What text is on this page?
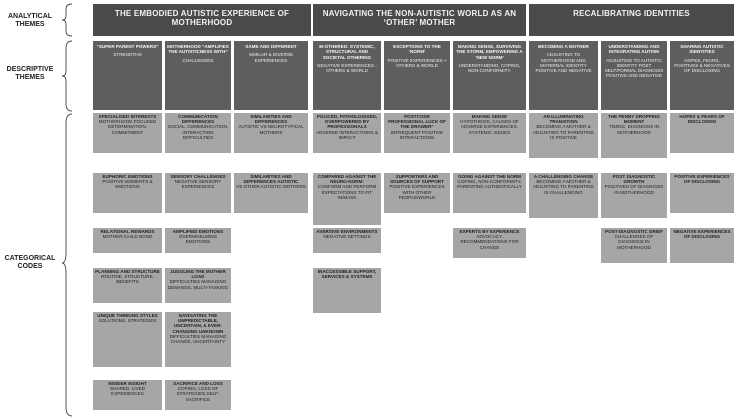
ANALYTICAL THEMES
DESCRIPTIVE THEMES
CATEGORICAL CODES
THE EMBODIED AUTISTIC EXPERIENCE OF MOTHERHOOD
NAVIGATING THE NON-AUTISTIC WORLD AS AN ‘OTHER’ MOTHER
RECALIBRATING IDENTITIES
“SUPER PARENT POWERS”
STRENGTHS
MOTHERHOOD “AMPLIFIES THE AUTISTICNESS WITH”
CHALLENGES
SAME AND DIFFERENT
SIMILAR & DIVERSE EXPERIENCES
M-OTHERED: SYSTEMIC, STRUCTURAL AND SOCIETAL OTHERING
NEGATIVE EXPERIENCES - OTHERS & WORLD
EXCEPTIONS TO THE ‘NORM’
POSITIVE EXPERIENCES + OTHERS & WORLD
MAKING SENSE, SURVIVING THE STORM, EMPOWERING A ‘NEW NORM’
UNDERSTANDING, COPING, NON-CONFORMITY,
BECOMING A MOTHER
ADJUSTING TO MOTHERHOOD AND MATERNAL IDENTITY POSITIVE AND NEGATIVE
UNDERSTANDING AND INTEGRATING AUTISM
ADJUSTING TO AUTISTIC IDENTITY POST SELF/FORMAL DIAGNOSIS POSITIVE AND NEGATIVE
SHARING AUTISTIC IDENTITIES
HOPES, FEARS, POSITIVES & NEGATIVES OF DISCLOSING
SPECIALISED INTERESTS
MOTHERHOOD FOCUSED DETERMINATION, COMMITMENT
EUPHORIC EMOTIONS
POSITIVE MOMENTS & EMOTIONS
RELATIONAL REWARDS
MOTHER-CHILD BOND
PLANNING AND STRUCTURE
ROUTINE, STRUCTURE, BENEFITS
UNIQUE THINKING STYLES
SOLUTIONS, STRATEGIES
INSIDER INSIGHT
SHARED, LIVED EXPERIENCES
COMMUNICATION DIFFERENCES
SOCIAL, COMMUNICATION, INTERACTION DIFFICULTIES
SENSORY CHALLENGES
NEGATIVE SENSORY EXPERIENCES
AMPLIFIED EMOTIONS
OVERWHELMING EMOTIONS
JUGGLING THE MOTHER LOAD
DIFFICULTIES MANAGING DEMANDS, MULTI-TASKING
NAVIGATING THE UNPREDICTABLE, UNCERTAIN, & EVER-CHANGING UNKNOWN
DIFFICULTIES MANAGING CHANGE, UNCERTAINTY
SACRIFICE AND LOSS
COPING, LOSS OF STRATEGIES,SELF-SACRIFICE
SIMILARITIES AND DIFFERENCES
AUTISTIC VS NEUROTYPICAL MOTHERS
SIMILARITIES AND DIFFERENCES AUTISTIC
VS OTHER AUTISTIC MOTHERS
POLICED, PATHOLOGISED, OVERPOWERED BY PROFESSIONALS
ADVERSE INTERACTIONS & IMPACT
COMPARED AGAINST THE NEURO-NORM:
CONFORM AND PERFORM EXPECTATIONS TO FIT IN/MASK
AVERSIVE ENVIRONMENTS
NEGATIVE SETTINGS
INACCESSIBLE SUPPORT, SERVICES & SYSTEMS
POSTCODE PROFESSIONAL LUCK OF THE DRAWER”
INFREQUENT POSITIVE INTERACTIONS
SUPPORTERS AND SOURCES OF SUPPORT
POSITIVE EXPERIENCES WITH OTHER PEOPLE/WORLD
MAKING SENSE
HYPOTHESIS, CAUSES OF ADVERSE EXPERIENCES, SYSTEMIC ISSUES
GOING AGAINST THE NORM
COPING, NON-CONFORMITY, PARENTING AUTHENTICALLY
EXPERTS BY EXPERIENCE
ADVOCACY, RECOMMENDATIONS FOR CHANGE
AN ILLUMINATING TRANSITION
BECOMING A MOTHER & ADJUSTING TO PARENTING IS POSITIVE
A CHALLENGING CHANGE
BECOMING A MOTHER & ADJUSTING TO PARENTING IS CHALLENGING
THE PENNY DROPPING MOMENT
TIMING, DIAGNOSIS IN MOTHERHOOD
POST DIAGNOSTIC GROWTH
POSITIVES OF DIAGNOSIS IN MOTHERHOOD
POST-DIAGNOSTIC GRIEF
CHALLENGES OF DIAGNOSIS IN MOTHERHOOD
HOPES & FEARS OF DISCLOSING
POSITIVE EXPERIENCES OF DISCLOSING
NEGATIVE EXPERIENCES OF DISCLOSING
